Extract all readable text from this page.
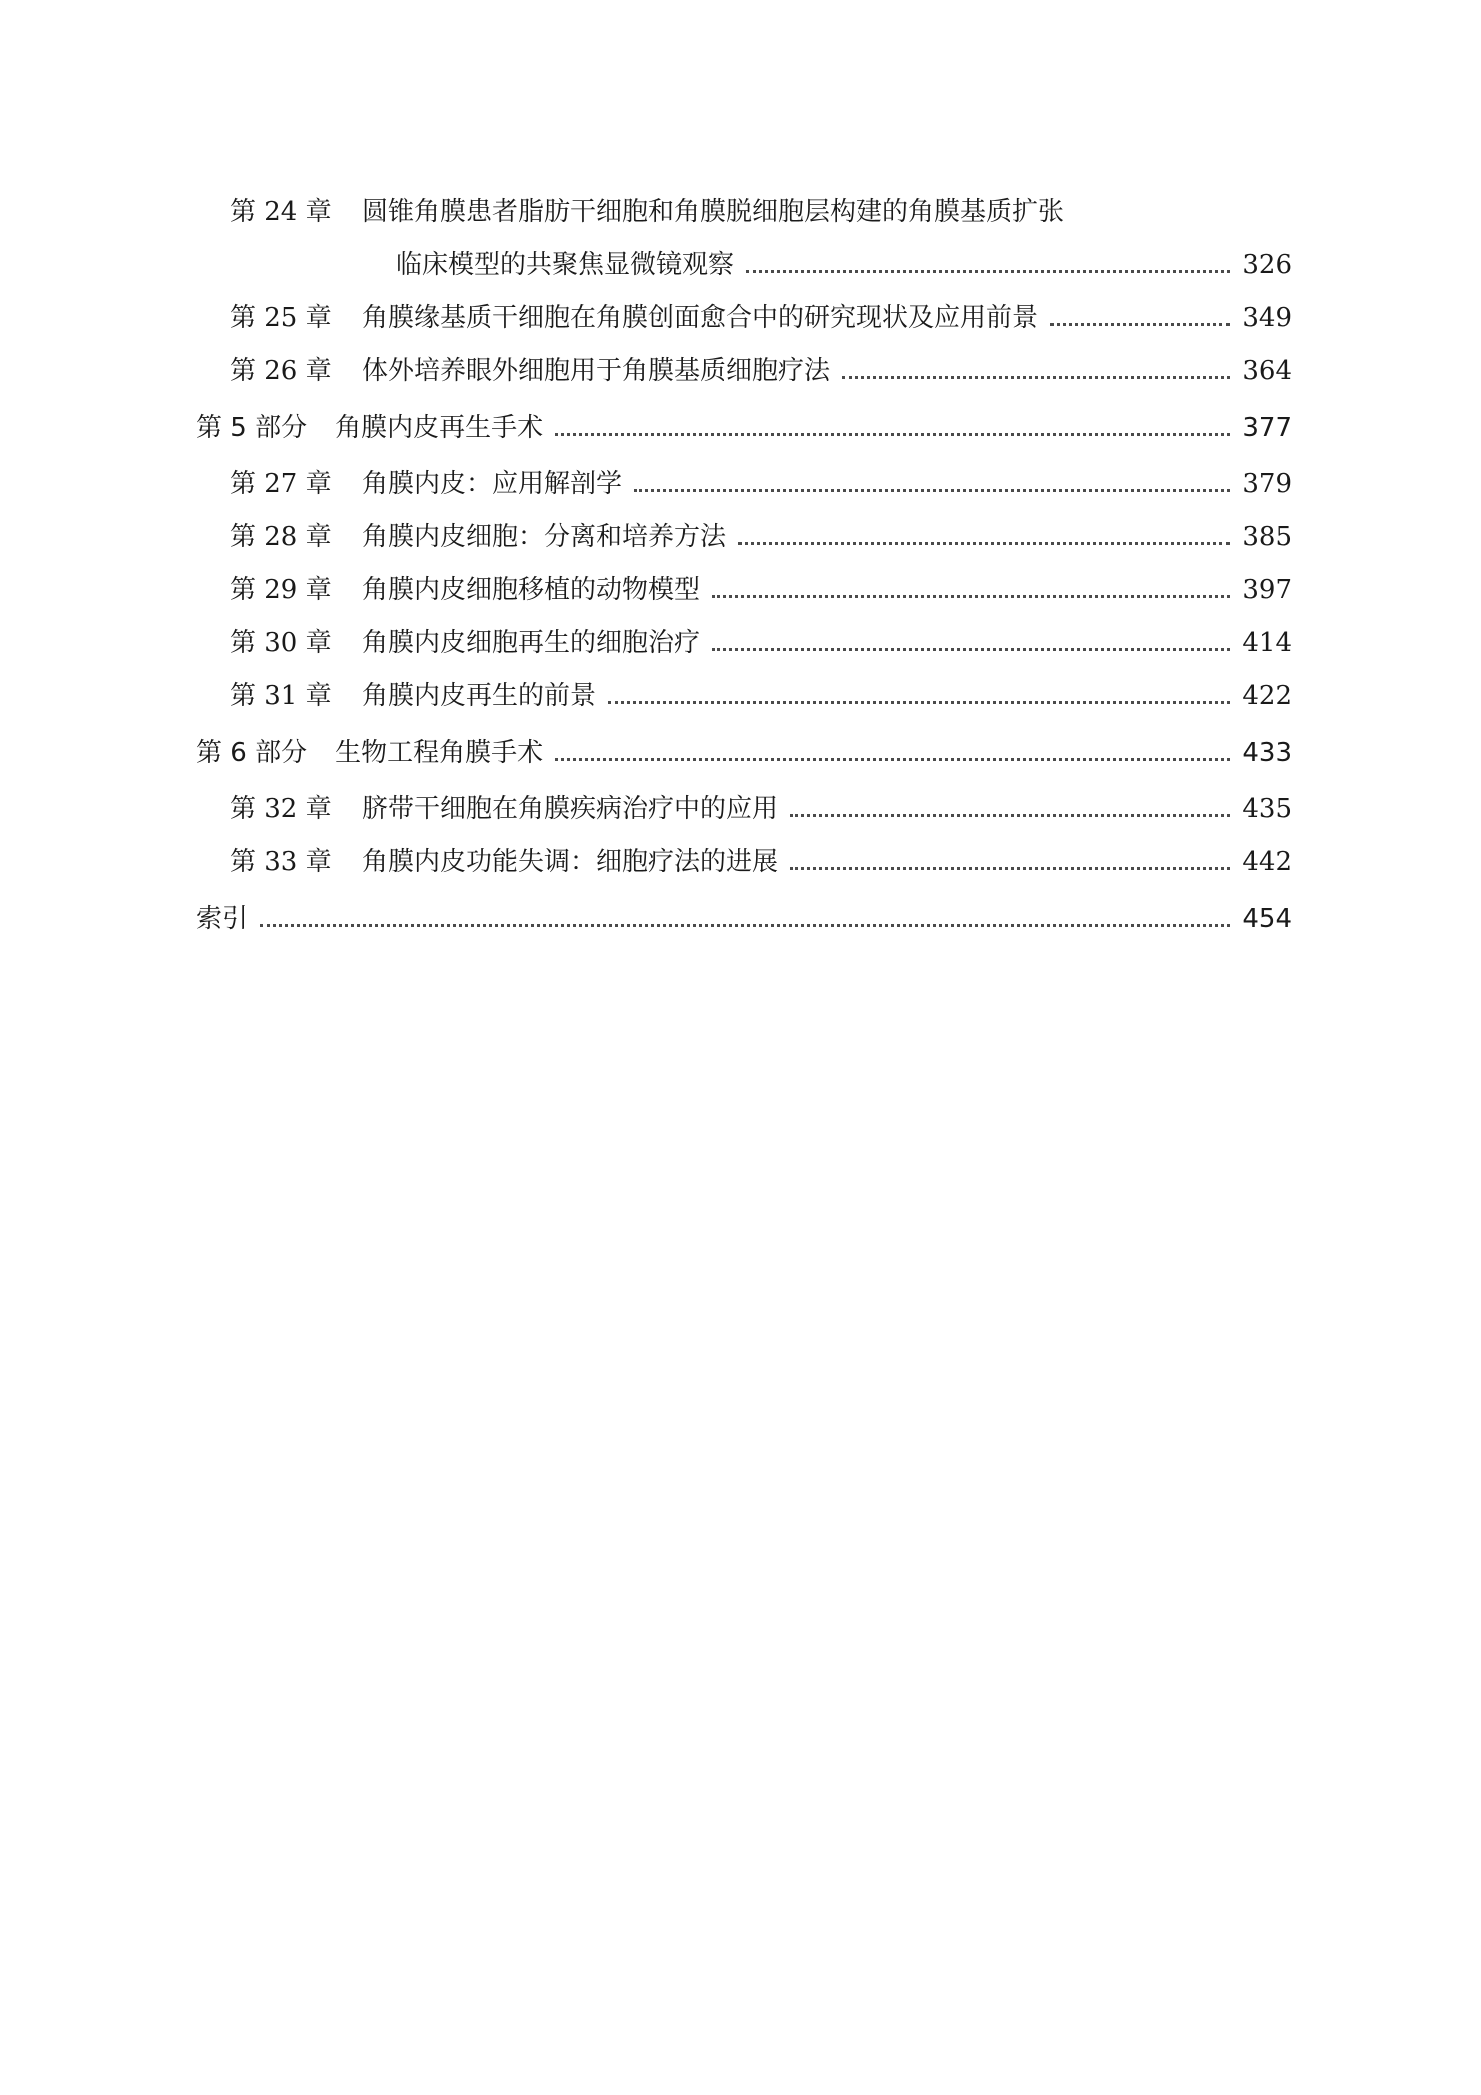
第 24 章	圆锥角膜患者脂肪干细胞和角膜脱细胞层构建的角膜基质扩张
临床模型的共聚焦显微镜观察	326
第 25 章	角膜缘基质干细胞在角膜创面愈合中的研究现状及应用前景	349
第 26 章	体外培养眼外细胞用于角膜基质细胞疗法	364
第 5 部分 角膜内皮再生手术	377
第 27 章	角膜内皮：应用解剖学	379
第 28 章	角膜内皮细胞：分离和培养方法	385
第 29 章	角膜内皮细胞移植的动物模型	397
第 30 章	角膜内皮细胞再生的细胞治疗	414
第 31 章	角膜内皮再生的前景	422
第 6 部分 生物工程角膜手术	433
第 32 章	脐带干细胞在角膜疾病治疗中的应用	435
第 33 章	角膜内皮功能失调：细胞疗法的进展	442
索引	454
